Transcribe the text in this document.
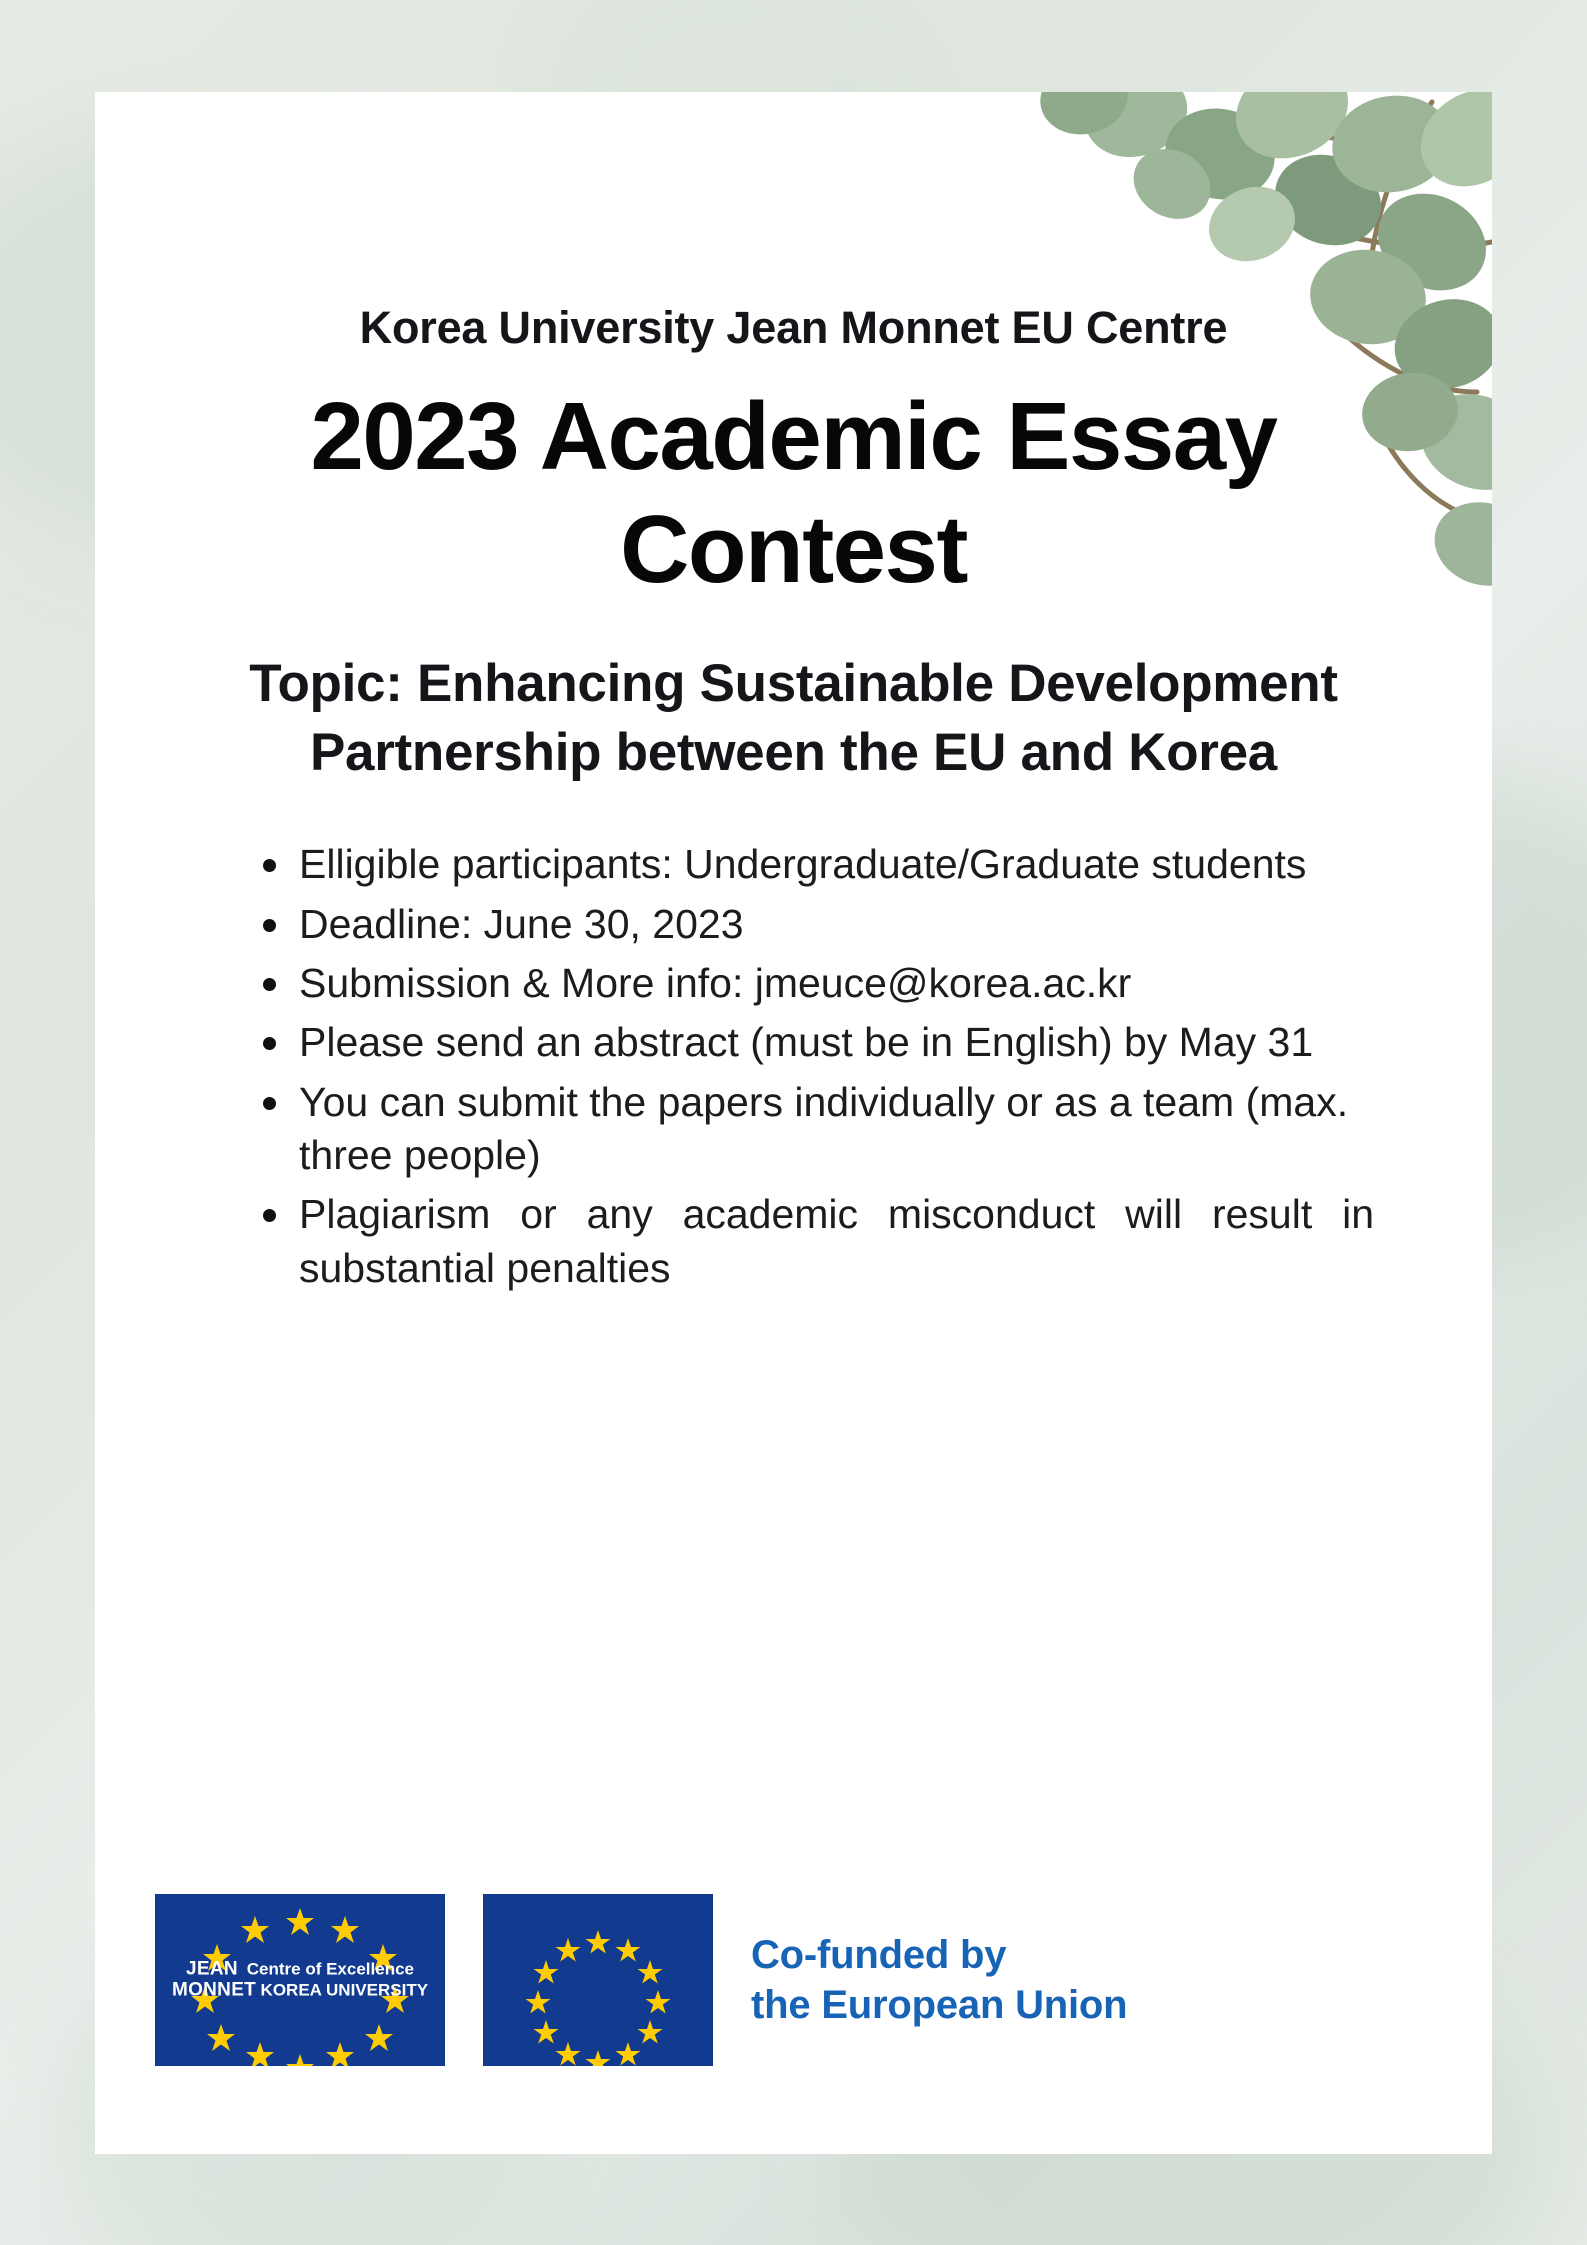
Korea University Jean Monnet EU Centre
2023 Academic Essay Contest
Topic: Enhancing Sustainable Development Partnership between the EU and Korea
Elligible participants: Undergraduate/Graduate students
Deadline: June 30, 2023
Submission & More info: jmeuce@korea.ac.kr
Please send an abstract (must be in English) by May 31
You can submit the papers individually or as a team (max. three people)
Plagiarism or any academic misconduct will result in substantial penalties
JEAN Centre of Excellence
MONNET KOREA UNIVERSITY
Co-funded by
the European Union
